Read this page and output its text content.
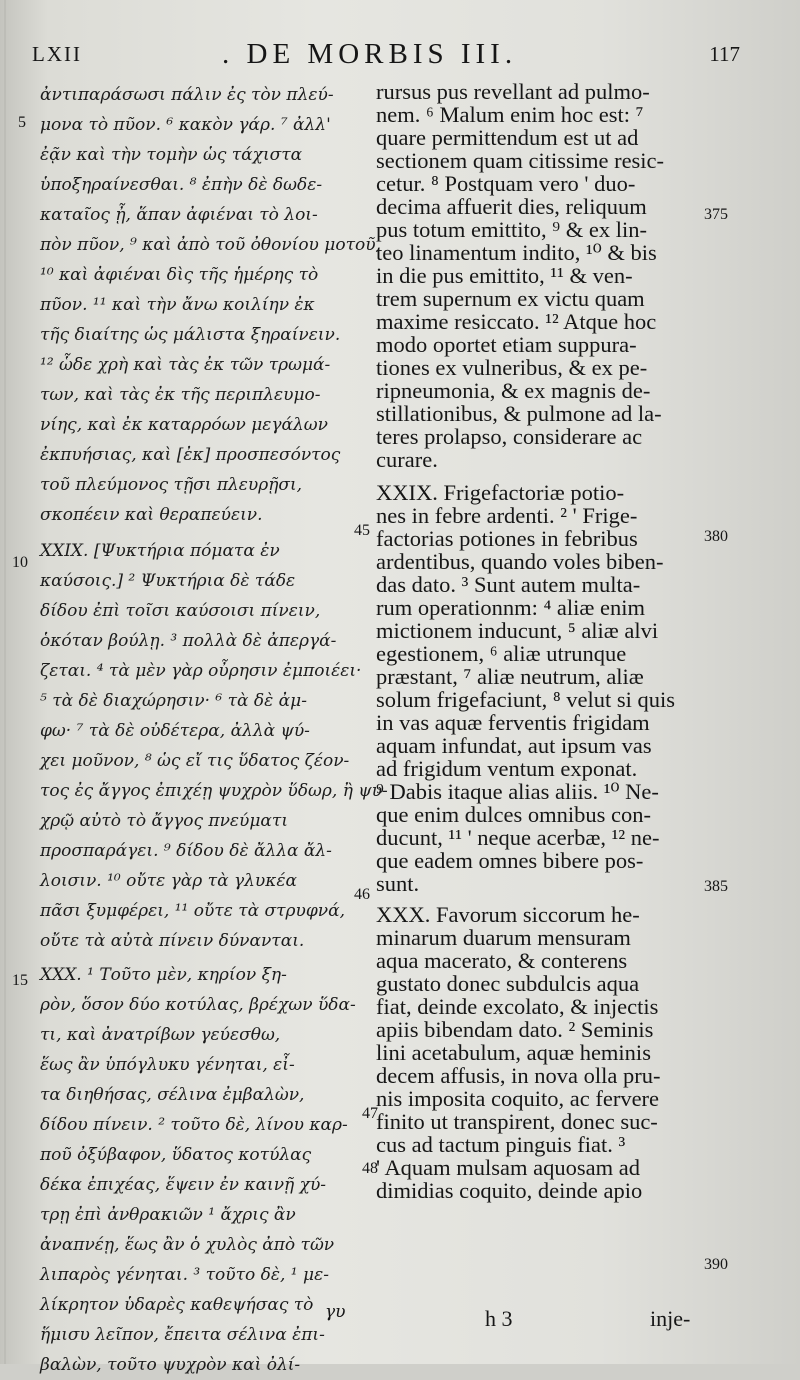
LXII	. DE MORBIS III.	117
ἀντιπαράσωσι πάλιν ἐς τὸν πλεύ-
μονα τὸ πῦον. ⁶ κακὸν γάρ. ⁷ ἀλλ'
ἐᾷν καὶ τὴν τομὴν ὡς τάχιστα
ὑποξηραίνεσθαι. ⁸ ἐπὴν δὲ δωδε-
καταῖος ᾖ, ἅπαν ἀφιέναι τὸ λοι-
πὸν πῦον, ⁹ καὶ ἀπὸ τοῦ ὀθονίου μοτοῦ,
¹⁰ καὶ ἀφιέναι δὶς τῆς ἡμέρης τὸ
πῦον. ¹¹ καὶ τὴν ἄνω κοιλίην ἐκ
τῆς διαίτης ὡς μάλιστα ξηραίνειν.
¹² ὧδε χρὴ καὶ τὰς ἐκ τῶν τρωμά-
των, καὶ τὰς ἐκ τῆς περιπλευμο-
νίης, καὶ ἐκ καταρρόων μεγάλων
ἐκπυήσιας, καὶ [ἐκ] προσπεσόντος
τοῦ πλεύμονος τῇσι πλευρῇσι,
σκοπέειν καὶ θεραπεύειν.
XXIX. [Ψυκτήρια πόματα ἐν
καύσοις.] ² Ψυκτήρια δὲ τάδε
δίδου ἐπὶ τοῖσι καύσοισι πίνειν,
ὁκόταν βούλῃ. ³ πολλὰ δὲ ἀπεργά-
ζεται. ⁴ τὰ μὲν γὰρ οὖρησιν ἐμποιέει·
⁵ τὰ δὲ διαχώρησιν· ⁶ τὰ δὲ ἀμ-
φω· ⁷ τὰ δὲ οὐδέτερα, ἀλλὰ ψύ-
χει μοῦνον, ⁸ ὡς εἴ τις ὕδατος ζέον-
τος ἐς ἄγγος ἐπιχέῃ ψυχρὸν ὕδωρ, ἢ ψυ-
χρῷ αὐτὸ τὸ ἄγγος πνεύματι
προσπαράγει. ⁹ δίδου δὲ ἄλλα ἄλ-
λοισιν. ¹⁰ οὔτε γὰρ τὰ γλυκέα
πᾶσι ξυμφέρει, ¹¹ οὔτε τὰ στρυφνά,
οὔτε τὰ αὐτὰ πίνειν δύνανται.
XXX. ¹ Τοῦτο μὲν, κηρίον ξη-
ρὸν, ὅσον δύο κοτύλας, βρέχων ὕδα-
τι, καὶ ἀνατρίβων γεύεσθω,
ἕως ἂν ὑπόγλυκυ γένηται, εἶ-
τα διηθήσας, σέλινα ἐμβαλὼν,
δίδου πίνειν. ² τοῦτο δὲ, λίνου καρ-
ποῦ ὀξύβαφον, ὕδατος κοτύλας
δέκα ἐπιχέας, ἕψειν ἐν καινῇ χύ-
τρῃ ἐπὶ ἀνθρακιῶν ¹ ἄχρις ἂν
ἀναπνέῃ, ἕως ἂν ὁ χυλὸς ἀπὸ τῶν
λιπαρὸς γένηται. ³ τοῦτο δὲ, ¹ με-
λίκρητον ὑδαρὲς καθεψήσας τὸ
ἥμισυ λεῖπον, ἔπειτα σέλινα ἐπι-
βαλὼν, τοῦτο ψυχρὸν καὶ ὀλί-
rursus pus revellant ad pulmo-
nem. ⁶ Malum enim hoc est: ⁷
quare permittendum est ut ad
sectionem quam citissime resic-
cetur. ⁸ Postquam vero ' duo-
decima affuerit dies, reliquum
pus totum emittito, ⁹ & ex lin-
teo linamentum indito, ¹⁰ & bis
in die pus emittito, ¹¹ & ven-
trem supernum ex victu quam
maxime resiccato. ¹² Atque hoc
modo oportet etiam suppura-
tiones ex vulneribus, & ex pe-
ripneumonia, & ex magnis de-
stillationibus, & pulmone ad la-
teres prolapso, considerare ac
curare.
XXIX. Frigefactoriæ potio-
nes in febre ardenti. ² ' Frige-
factorias potiones in febribus
ardentibus, quando voles biben-
das dato. ³ Sunt autem multa-
rum operationnm: ⁴ aliæ enim
mictionem inducunt, ⁵ aliæ alvi
egestionem, ⁶ aliæ utrunque
præstant, ⁷ aliæ neutrum, aliæ
solum frigefaciunt, ⁸ velut si quis
in vas aquæ ferventis frigidam
aquam infundat, aut ipsum vas
ad frigidum ventum exponat.
⁹ Dabis itaque alias aliis. ¹⁰ Ne-
que enim dulces omnibus con-
ducunt, ¹¹ ' neque acerbæ, ¹² ne-
que eadem omnes bibere pos-
sunt.
XXX. Favorum siccorum he-
minarum duarum mensuram
aqua macerato, & conterens
gustato donec subdulcis aqua
fiat, deinde excolato, & injectis
apiis bibendam dato. ² Seminis
lini acetabulum, aquæ heminis
decem affusis, in nova olla pru-
nis imposita coquito, ac fervere
finito ut transpirent, donec suc-
cus ad tactum pinguis fiat. ³
' Aquam mulsam aquosam ad
dimidias coquito, deinde apio
5
10
15
45
46
47
48
375
380
385
390
γυ	h 3	inje-
